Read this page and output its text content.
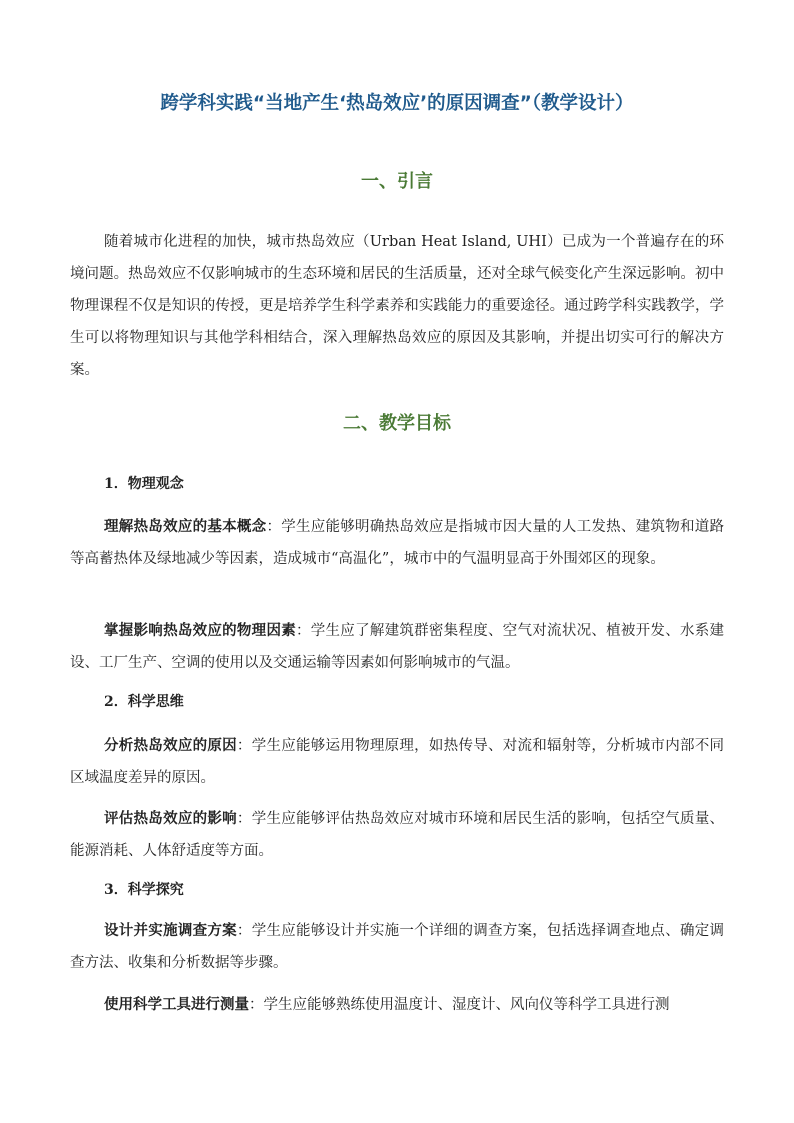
跨学科实践“当地产生‘热岛效应’的原因调查”（教学设计）
一、引言

随着城市化进程的加快，城市热岛效应（Urban Heat Island, UHI）已成为一个普遍存在的环境问题。热岛效应不仅影响城市的生态环境和居民的生活质量，还对全球气候变化产生深远影响。初中物理课程不仅是知识的传授，更是培养学生科学素养和实践能力的重要途径。通过跨学科实践教学，学生可以将物理知识与其他学科相结合，深入理解热岛效应的原因及其影响，并提出切实可行的解决方案。

二、教学目标
1．物理观念

理解热岛效应的基本概念：学生应能够明确热岛效应是指城市因大量的人工发热、建筑物和道路等高蓄热体及绿地减少等因素，造成城市“高温化”，城市中的气温明显高于外围郊区的现象。

掌握影响热岛效应的物理因素：学生应了解建筑群密集程度、空气对流状况、植被开发、水系建设、工厂生产、空调的使用以及交通运输等因素如何影响城市的气温。

2．科学思维

分析热岛效应的原因：学生应能够运用物理原理，如热传导、对流和辐射等，分析城市内部不同区域温度差异的原因。

评估热岛效应的影响：学生应能够评估热岛效应对城市环境和居民生活的影响，包括空气质量、能源消耗、人体舒适度等方面。

3．科学探究

设计并实施调查方案：学生应能够设计并实施一个详细的调查方案，包括选择调查地点、确定调查方法、收集和分析数据等步骤。

使用科学工具进行测量：学生应能够熟练使用温度计、湿度计、风向仪等科学工具进行测
